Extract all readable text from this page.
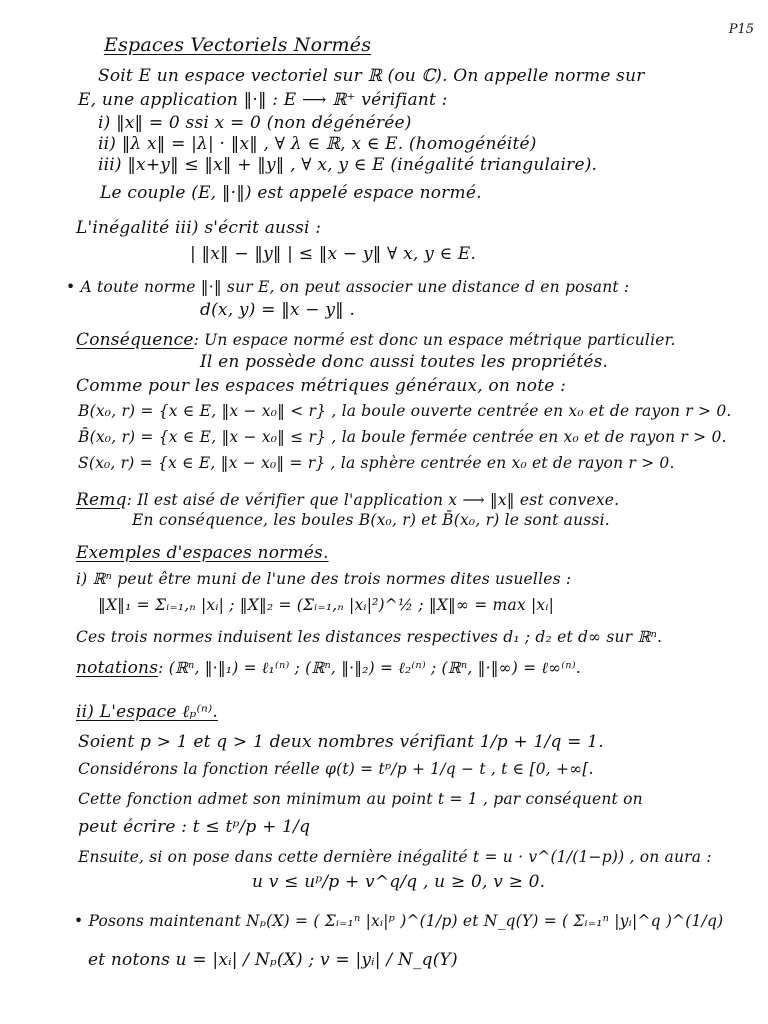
P15
Espaces Vectoriels Normés
Soit E un espace vectoriel sur ℝ (ou ℂ). On appelle norme sur
E, une application ‖·‖ : E ⟶ ℝ⁺ vérifiant :
i) ‖x‖ = 0 ssi x = 0 (non dégénérée)
ii) ‖λ x‖ = |λ| · ‖x‖ , ∀ λ ∈ ℝ, x ∈ E. (homogénéité)
iii) ‖x+y‖ ≤ ‖x‖ + ‖y‖ , ∀ x, y ∈ E (inégalité triangulaire).
Le couple (E, ‖·‖) est appelé espace normé.
L'inégalité iii) s'écrit aussi :
| ‖x‖ − ‖y‖ | ≤ ‖x − y‖ ∀ x, y ∈ E.
• A toute norme ‖·‖ sur E, on peut associer une distance d en posant :
d(x, y) = ‖x − y‖ .
Conséquence: Un espace normé est donc un espace métrique particulier.
Il en possède donc aussi toutes les propriétés.
Comme pour les espaces métriques généraux, on note :
B(x₀, r) = {x ∈ E, ‖x − x₀‖ < r} , la boule ouverte centrée en x₀ et de rayon r > 0.
B̄(x₀, r) = {x ∈ E, ‖x − x₀‖ ≤ r} , la boule fermée centrée en x₀ et de rayon r > 0.
S(x₀, r) = {x ∈ E, ‖x − x₀‖ = r} , la sphère centrée en x₀ et de rayon r > 0.
Remq: Il est aisé de vérifier que l'application x ⟶ ‖x‖ est convexe.
En conséquence, les boules B(x₀, r) et B̄(x₀, r) le sont aussi.
Exemples d'espaces normés.
i) ℝⁿ peut être muni de l'une des trois normes dites usuelles :
‖X‖₁ = Σᵢ₌₁,ₙ |xᵢ| ; ‖X‖₂ = (Σᵢ₌₁,ₙ |xᵢ|²)^½ ; ‖X‖∞ = max |xᵢ|
Ces trois normes induisent les distances respectives d₁ ; d₂ et d∞ sur ℝⁿ.
notations: (ℝⁿ, ‖·‖₁) = ℓ₁⁽ⁿ⁾ ; (ℝⁿ, ‖·‖₂) = ℓ₂⁽ⁿ⁾ ; (ℝⁿ, ‖·‖∞) = ℓ∞⁽ⁿ⁾.
ii) L'espace ℓₚ⁽ⁿ⁾.
Soient p > 1 et q > 1 deux nombres vérifiant 1/p + 1/q = 1.
Considérons la fonction réelle φ(t) = tᵖ/p + 1/q − t , t ∈ [0, +∞[.
Cette fonction admet son minimum au point t = 1 , par conséquent on
peut écrire : t ≤ tᵖ/p + 1/q
Ensuite, si on pose dans cette dernière inégalité t = u · v^(1/(1−p)) , on aura :
u v ≤ uᵖ/p + v^q/q , u ≥ 0, v ≥ 0.
• Posons maintenant Nₚ(X) = ( Σᵢ₌₁ⁿ |xᵢ|ᵖ )^(1/p) et N_q(Y) = ( Σᵢ₌₁ⁿ |yᵢ|^q )^(1/q)
et notons u = |xᵢ| / Nₚ(X) ; v = |yᵢ| / N_q(Y)
